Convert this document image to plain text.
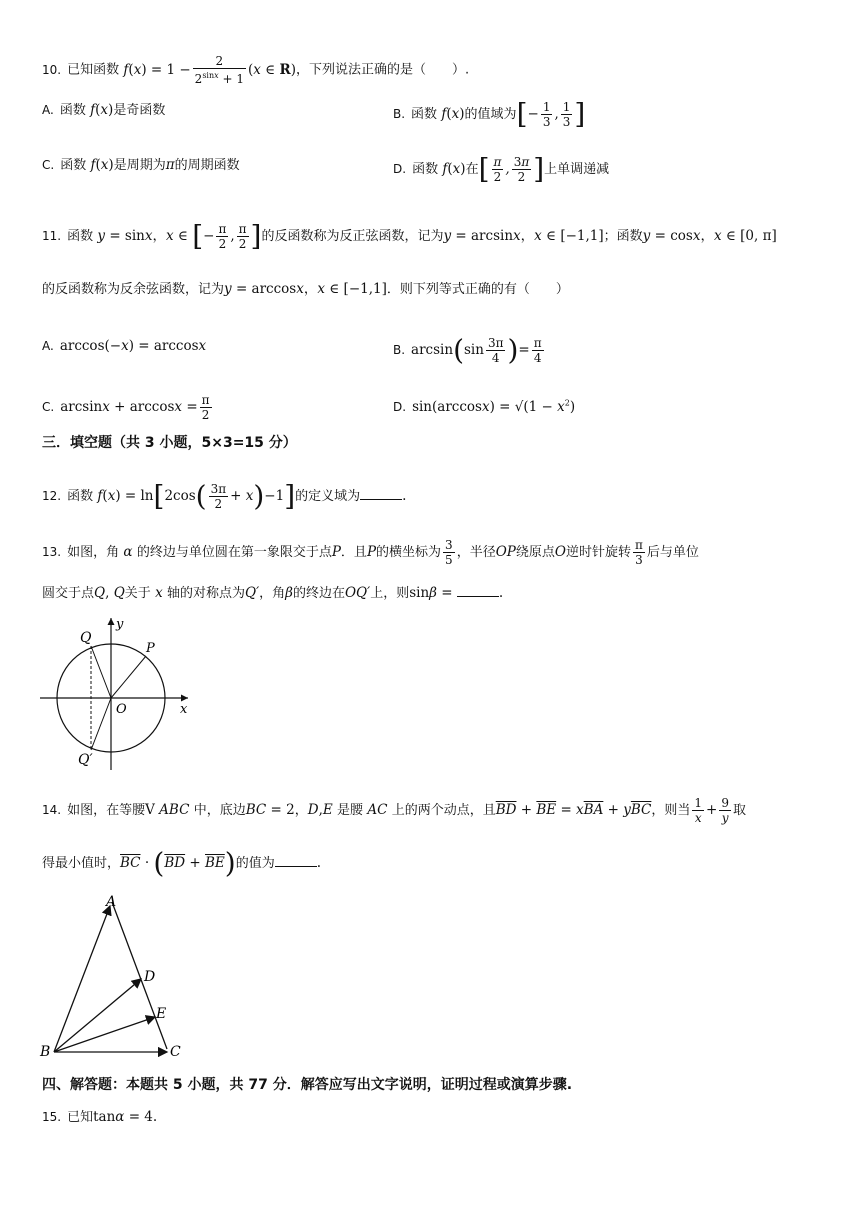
10. 已知函数 $f(x) = 1 - \frac{2}{2^{sinx} + 1} (x$ ∈ R)，下列说法正确的是（　　）.
A. 函数 f(x)是奇函数	B. 函数 f(x)的值域为[− $\frac{1}{3}$ , $\frac{1}{3}$ ]
C. 函数 f(x)是周期为π的周期函数	D. 函数 f(x)在[ $\frac{\pi}{2}$ , $\frac{3\pi}{2}$ ]上单调递减
11. 函数 y = sinx，x ∈ [− $\frac{\pi}{2}$ , $\frac{\pi}{2}$ ]的反函数称为反正弦函数，记为y = arcsinx，x ∈ [−1,1]；函数y = cosx，x ∈ [0, π]
的反函数称为反余弦函数，记为y = arccosx，x ∈ [−1,1]．则下列等式正确的有（　　）
A. arccos(−x) = arccosx	B. $\arcsin(\sin \frac{3\pi}{4}$ )= $\frac{\pi}{4}$
C. $\arcsin x + \arccos x = \frac{\pi}{2}$	D. $\sin(\arccos x) = √(1 - x^2)$
三．填空题（共 3 小题，5×3=15 分）
12. 函数 $f(x) = \ln[2\cos( \frac{3\pi}{2} + x)-1]$的定义域为	.
13. 如图，角 α 的终边与单位圆在第一象限交于点P．且P的横坐标为 $\frac{3}{5}$ ，半径OP绕原点O逆时针旋转 $\frac{\pi}{3}$ 后与单位
圆交于点Q, Q关于 x 轴的对称点为Q′，角β的终边在OQ′上，则sinβ =	.
Q
y
P
O	x
Q′
14. 如图，在等腰V ABC 中，底边BC = 2，D,E 是腰 AC 上的两个动点，且$\overline{BD} + \overline{BE} = x\overline{BA} + y\overline{BC}$，则当 $\frac{1}{x} + \frac{9}{y}$ 取
得最小值时，$\overline{BC} \cdot (\overline{BD} + \overline{BE})$的值为	.
A
B	C
D
E
四、解答题：本题共 5 小题，共 77 分．解答应写出文字说明，证明过程或演算步骤.
15. 已知tanα = 4.
